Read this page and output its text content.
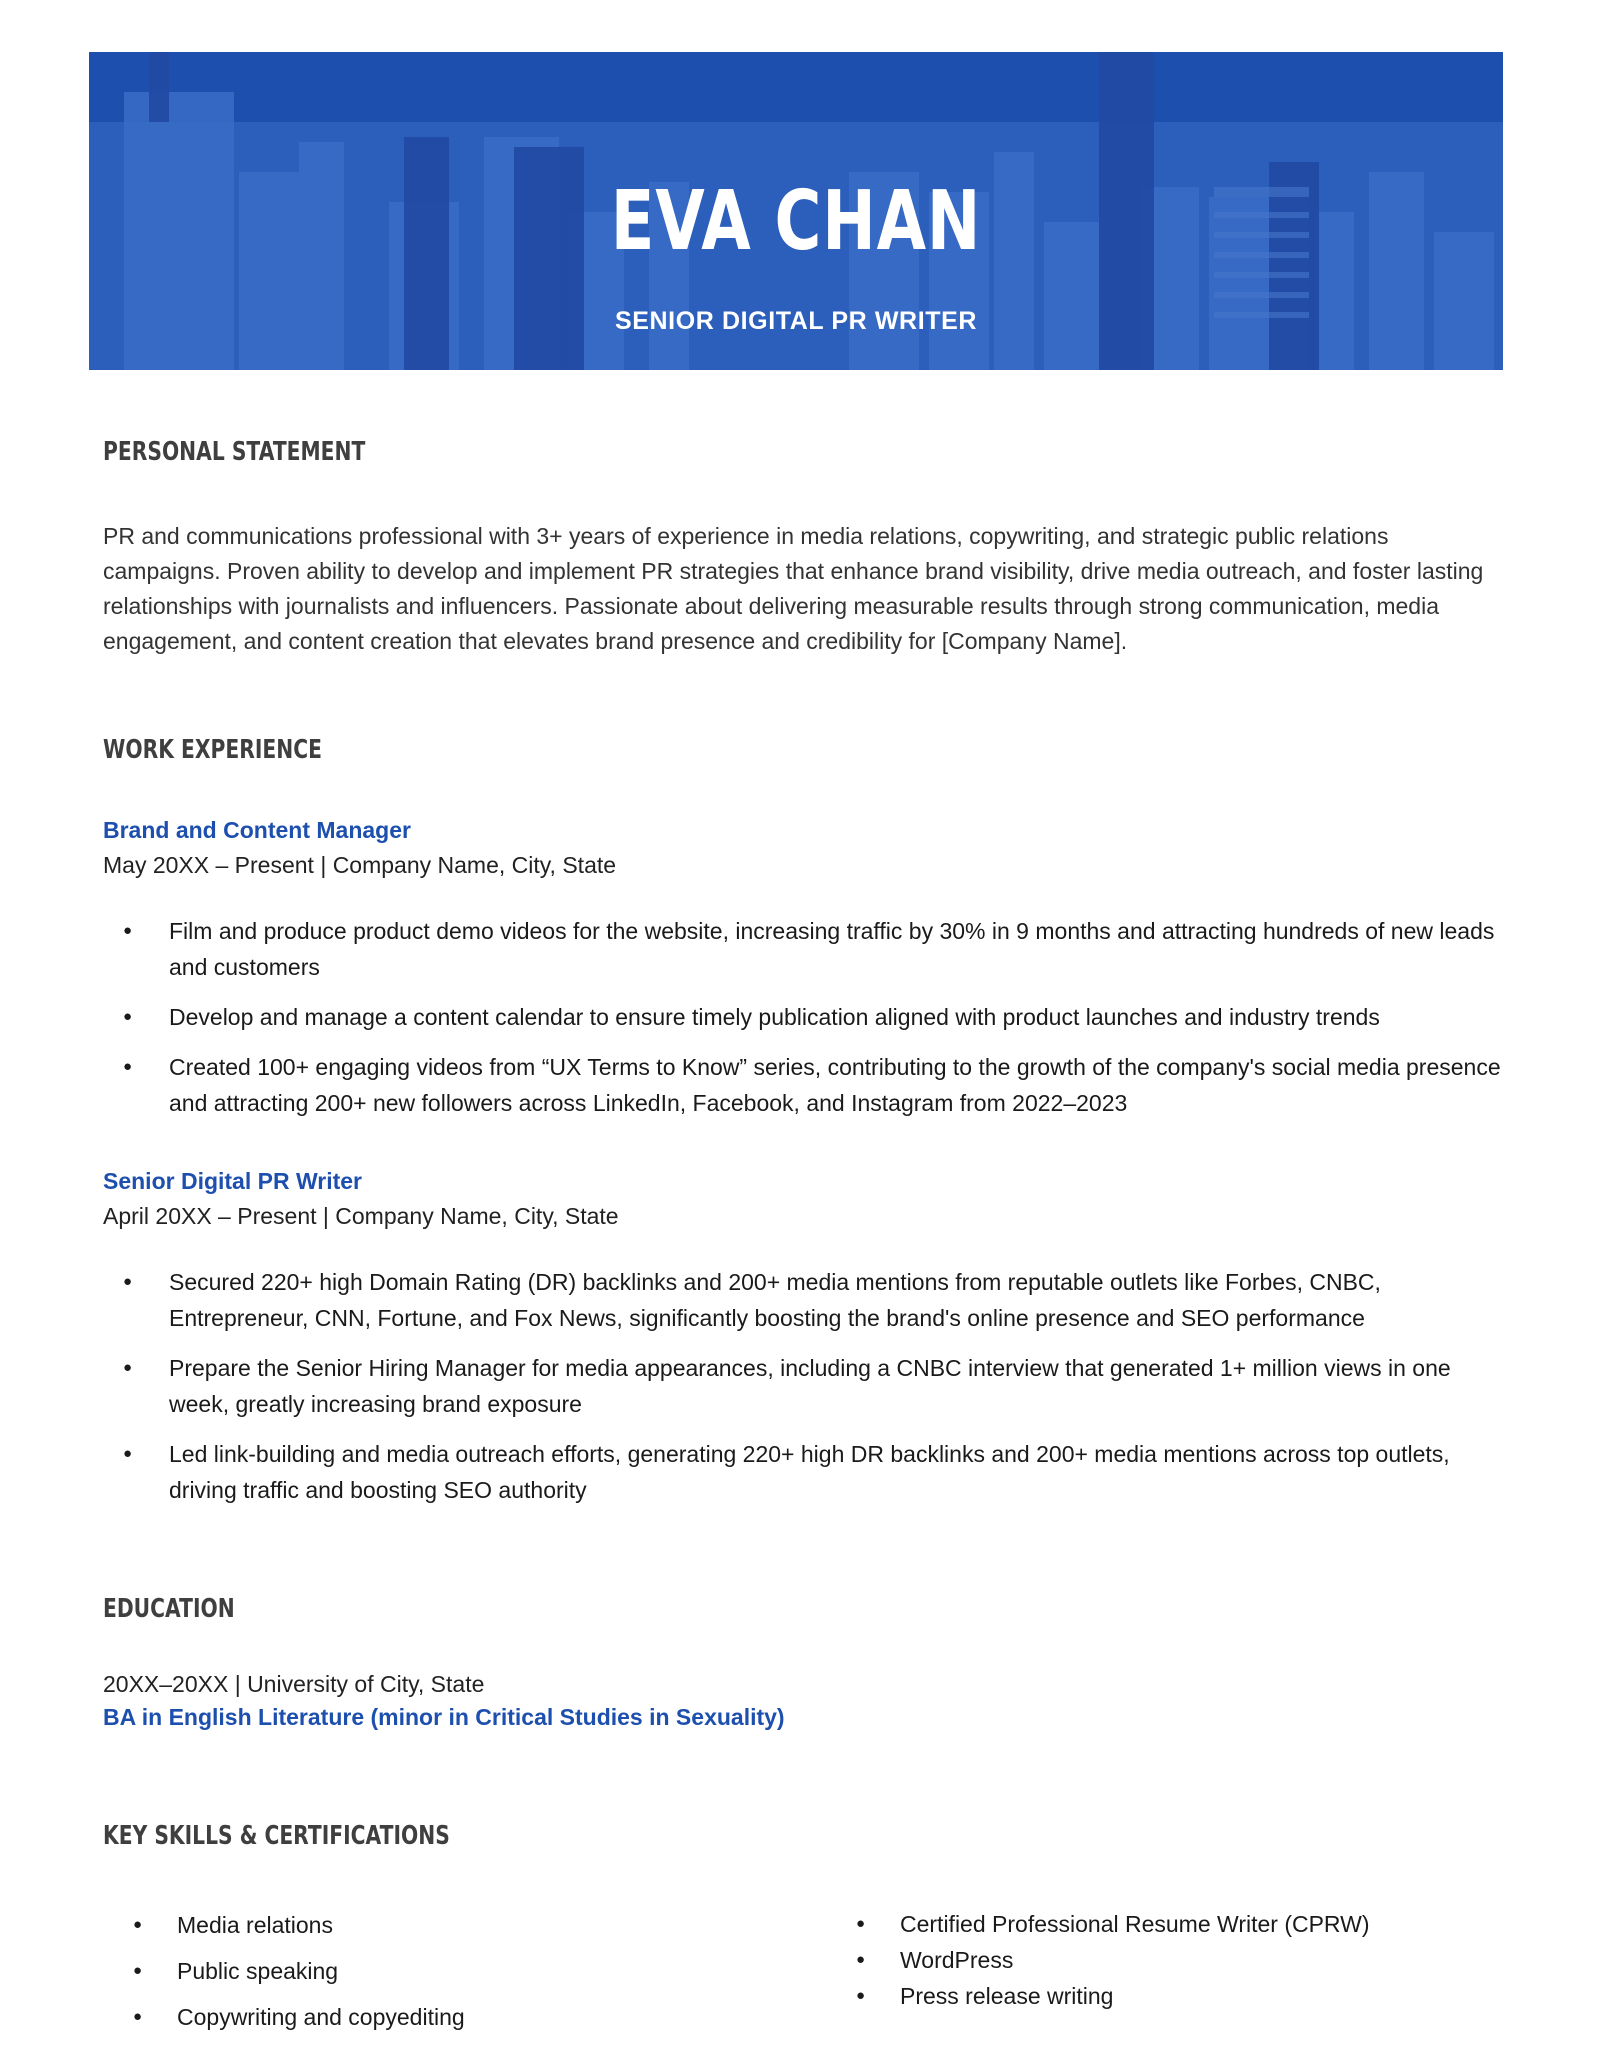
EVA CHAN
SENIOR DIGITAL PR WRITER
PERSONAL STATEMENT
PR and communications professional with 3+ years of experience in media relations, copywriting, and strategic public relations campaigns. Proven ability to develop and implement PR strategies that enhance brand visibility, drive media outreach, and foster lasting relationships with journalists and influencers. Passionate about delivering measurable results through strong communication, media engagement, and content creation that elevates brand presence and credibility for [Company Name].
WORK EXPERIENCE
Brand and Content Manager
May 20XX – Present | Company Name, City, State
● Film and produce product demo videos for the website, increasing traffic by 30% in 9 months and attracting hundreds of new leads and customers
● Develop and manage a content calendar to ensure timely publication aligned with product launches and industry trends
● Created 100+ engaging videos from “UX Terms to Know” series, contributing to the growth of the company's social media presence and attracting 200+ new followers across LinkedIn, Facebook, and Instagram from 2022–2023
Senior Digital PR Writer
April 20XX – Present | Company Name, City, State
● Secured 220+ high Domain Rating (DR) backlinks and 200+ media mentions from reputable outlets like Forbes, CNBC, Entrepreneur, CNN, Fortune, and Fox News, significantly boosting the brand's online presence and SEO performance
● Prepare the Senior Hiring Manager for media appearances, including a CNBC interview that generated 1+ million views in one week, greatly increasing brand exposure
● Led link-building and media outreach efforts, generating 220+ high DR backlinks and 200+ media mentions across top outlets, driving traffic and boosting SEO authority
EDUCATION
20XX–20XX | University of City, State
BA in English Literature (minor in Critical Studies in Sexuality)
KEY SKILLS & CERTIFICATIONS
● Media relations
● Public speaking
● Copywriting and copyediting
● Certified Professional Resume Writer (CPRW)
● WordPress
● Press release writing
